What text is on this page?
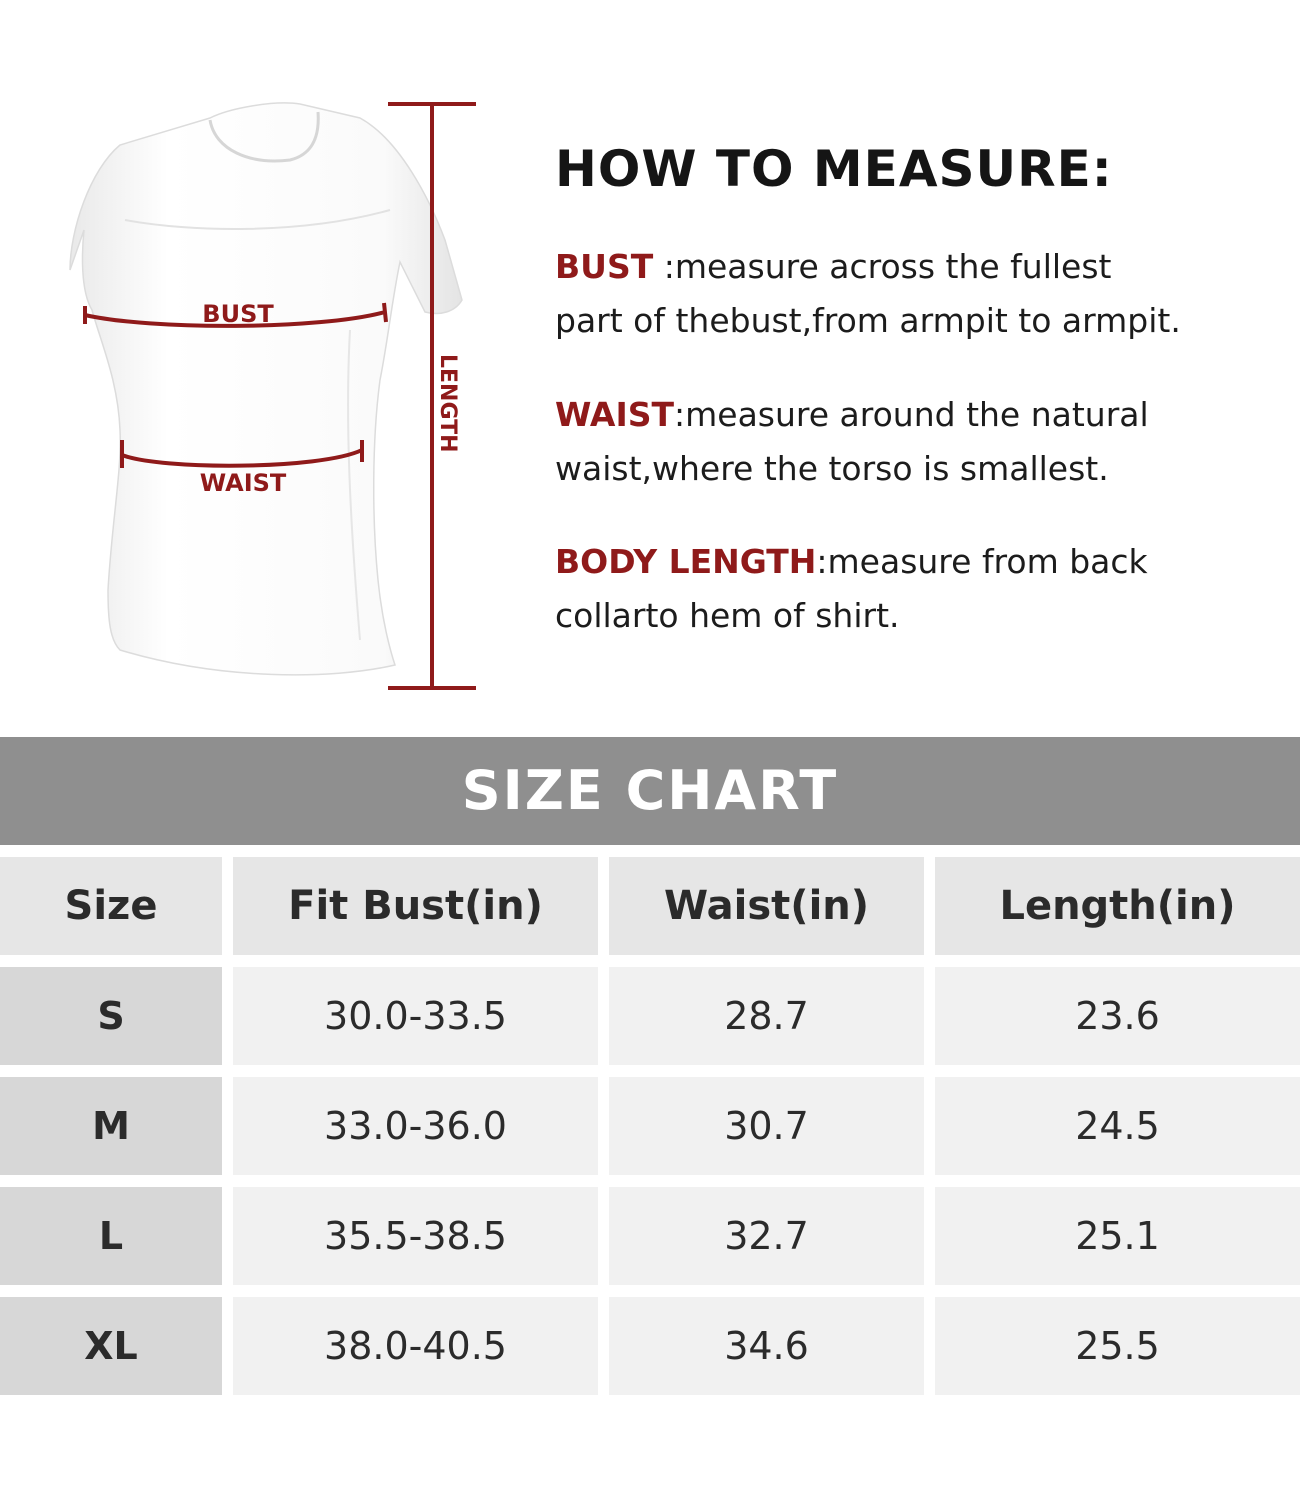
BUST
WAIST
LENGTH
HOW TO MEASURE:
BUST :measure across the fullest
part of thebust,from armpit to armpit.
WAIST:measure around the natural
waist,where the torso is smallest.
BODY LENGTH:measure from back
collarto hem of shirt.
SIZE CHART
Size	Fit Bust(in)	Waist(in)	Length(in)
S	30.0-33.5	28.7	23.6
M	33.0-36.0	30.7	24.5
L	35.5-38.5	32.7	25.1
XL	38.0-40.5	34.6	25.5
